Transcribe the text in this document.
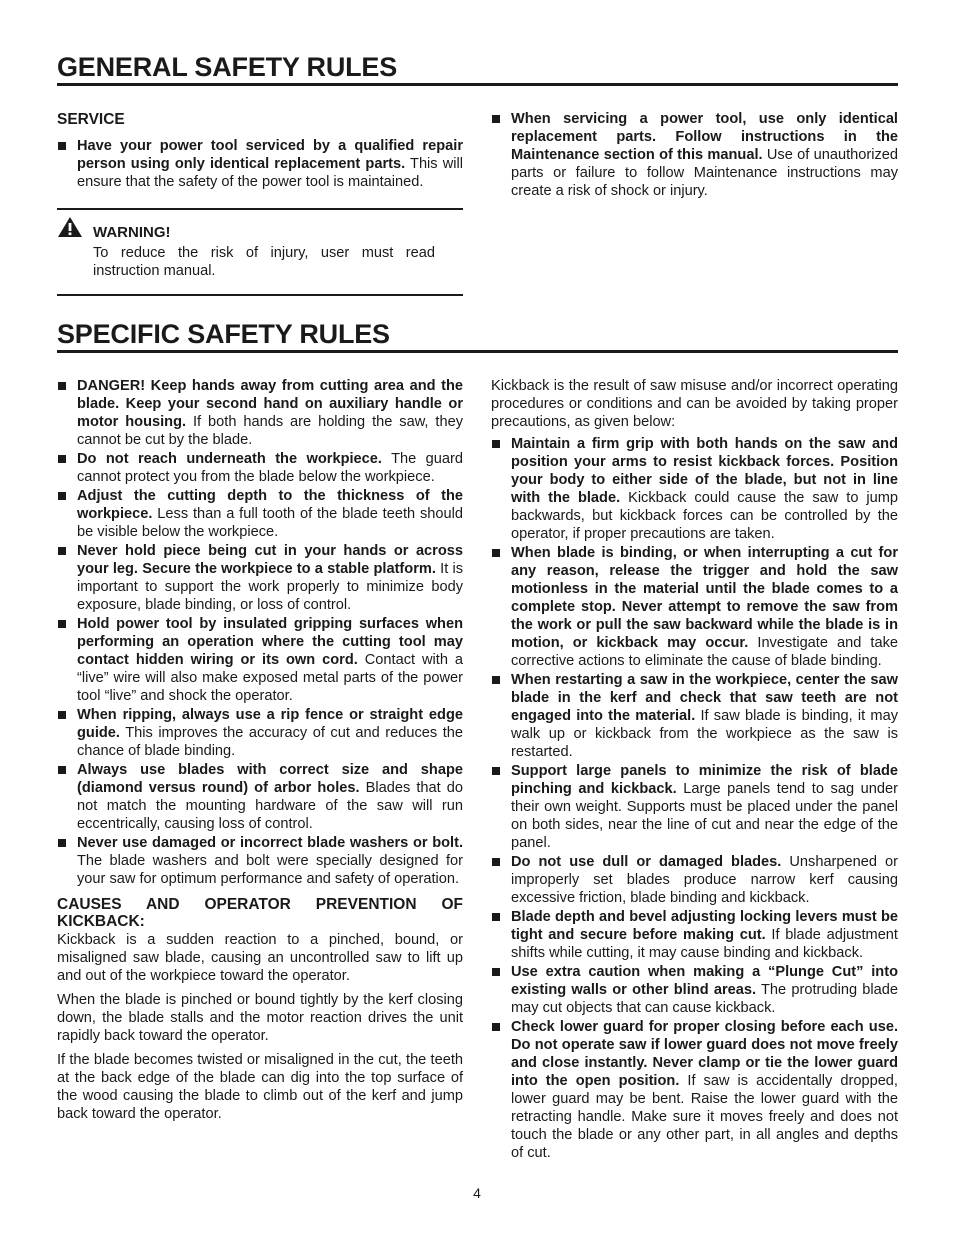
GENERAL SAFETY RULES
SERVICE
Have your power tool serviced by a qualified repair person using only identical replacement parts. This will ensure that the safety of the power tool is maintained.
When servicing a power tool, use only identical replacement parts. Follow instructions in the Maintenance section of this manual. Use of unauthorized parts or failure to follow Maintenance instructions may create a risk of shock or injury.
WARNING!
To reduce the risk of injury, user must read instruction manual.
SPECIFIC SAFETY RULES
DANGER! Keep hands away from cutting area and the blade. Keep your second hand on auxiliary handle or motor housing. If both hands are holding the saw, they cannot be cut by the blade.
Do not reach underneath the workpiece. The guard cannot protect you from the blade below the workpiece.
Adjust the cutting depth to the thickness of the workpiece. Less than a full tooth of the blade teeth should be visible below the workpiece.
Never hold piece being cut in your hands or across your leg. Secure the workpiece to a stable platform. It is important to support the work properly to minimize body exposure, blade binding, or loss of control.
Hold power tool by insulated gripping surfaces when performing an operation where the cutting tool may contact hidden wiring or its own cord. Contact with a “live” wire will also make exposed metal parts of the power tool “live” and shock the operator.
When ripping, always use a rip fence or straight edge guide. This improves the accuracy of cut and reduces the chance of blade binding.
Always use blades with correct size and shape (diamond versus round) of arbor holes. Blades that do not match the mounting hardware of the saw will run eccentrically, causing loss of control.
Never use damaged or incorrect blade washers or bolt. The blade washers and bolt were specially designed for your saw for optimum performance and safety of operation.
CAUSES AND OPERATOR PREVENTION OF KICKBACK:

Kickback is a sudden reaction to a pinched, bound, or misaligned saw blade, causing an uncontrolled saw to lift up and out of the workpiece toward the operator.

When the blade is pinched or bound tightly by the kerf closing down, the blade stalls and the motor reaction drives the unit rapidly back toward the operator.

If the blade becomes twisted or misaligned in the cut, the teeth at the back edge of the blade can dig into the top surface of the wood causing the blade to climb out of the kerf and jump back toward the operator.

Kickback is the result of saw misuse and/or incorrect operating procedures or conditions and can be avoided by taking proper precautions, as given below:

Maintain a firm grip with both hands on the saw and position your arms to resist kickback forces. Position your body to either side of the blade, but not in line with the blade. Kickback could cause the saw to jump backwards, but kickback forces can be controlled by the operator, if proper precautions are taken.
When blade is binding, or when interrupting a cut for any reason, release the trigger and hold the saw motionless in the material until the blade comes to a complete stop. Never attempt to remove the saw from the work or pull the saw backward while the blade is in motion, or kickback may occur. Investigate and take corrective actions to eliminate the cause of blade binding.
When restarting a saw in the workpiece, center the saw blade in the kerf and check that saw teeth are not engaged into the material. If saw blade is binding, it may walk up or kickback from the workpiece as the saw is restarted.
Support large panels to minimize the risk of blade pinching and kickback. Large panels tend to sag under their own weight. Supports must be placed under the panel on both sides, near the line of cut and near the edge of the panel.
Do not use dull or damaged blades. Unsharpened or improperly set blades produce narrow kerf causing excessive friction, blade binding and kickback.
Blade depth and bevel adjusting locking levers must be tight and secure before making cut. If blade adjustment shifts while cutting, it may cause binding and kickback.
Use extra caution when making a “Plunge Cut” into existing walls or other blind areas. The protruding blade may cut objects that can cause kickback.
Check lower guard for proper closing before each use. Do not operate saw if lower guard does not move freely and close instantly. Never clamp or tie the lower guard into the open position. If saw is accidentally dropped, lower guard may be bent. Raise the lower guard with the retracting handle. Make sure it moves freely and does not touch the blade or any other part, in all angles and depths of cut.
4
